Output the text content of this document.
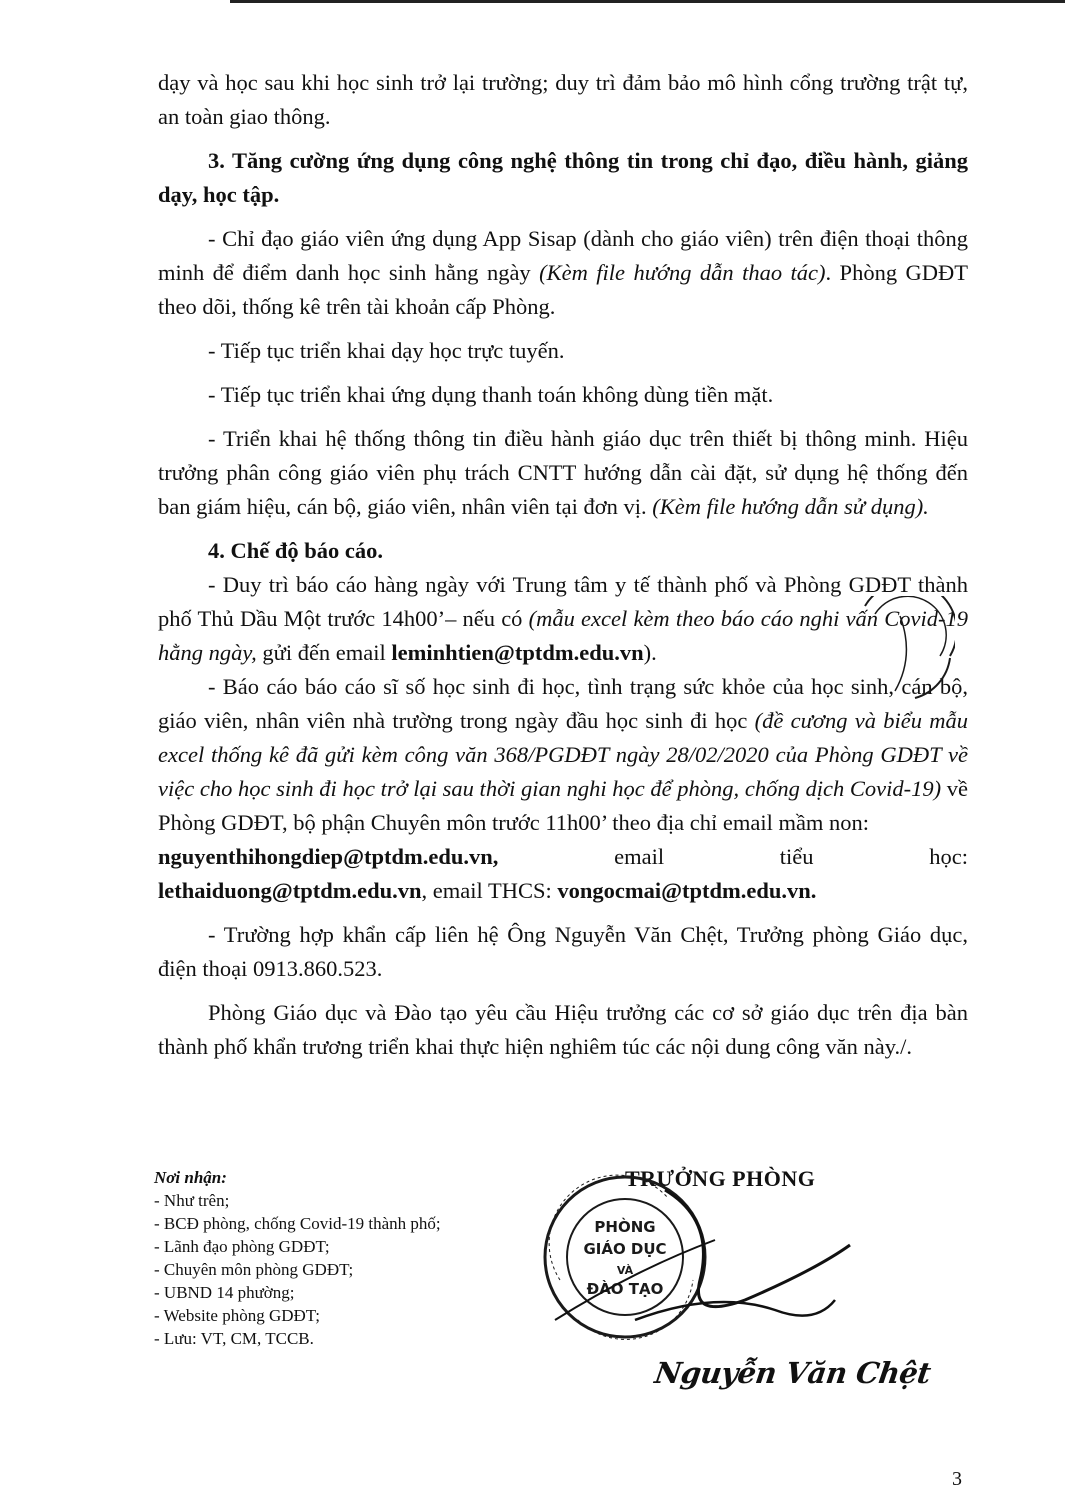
dạy và học sau khi học sinh trở lại trường; duy trì đảm bảo mô hình cổng trường trật tự, an toàn giao thông.

3. Tăng cường ứng dụng công nghệ thông tin trong chỉ đạo, điều hành, giảng dạy, học tập.

- Chỉ đạo giáo viên ứng dụng App Sisap (dành cho giáo viên) trên điện thoại thông minh để điểm danh học sinh hằng ngày (Kèm file hướng dẫn thao tác). Phòng GDĐT theo dõi, thống kê trên tài khoản cấp Phòng.

- Tiếp tục triển khai dạy học trực tuyến.

- Tiếp tục triển khai ứng dụng thanh toán không dùng tiền mặt.

- Triển khai hệ thống thông tin điều hành giáo dục trên thiết bị thông minh. Hiệu trưởng phân công giáo viên phụ trách CNTT hướng dẫn cài đặt, sử dụng hệ thống đến ban giám hiệu, cán bộ, giáo viên, nhân viên tại đơn vị. (Kèm file hướng dẫn sử dụng).

4. Chế độ báo cáo.

- Duy trì báo cáo hàng ngày với Trung tâm y tế thành phố và Phòng GDĐT thành phố Thủ Dầu Một trước 14h00’– nếu có (mẫu excel kèm theo báo cáo nghi vấn Covid-19 hằng ngày, gửi đến email leminhtien@tptdm.edu.vn).

- Báo cáo báo cáo sĩ số học sinh đi học, tình trạng sức khỏe của học sinh, cán bộ, giáo viên, nhân viên nhà trường trong ngày đầu học sinh đi học (đề cương và biểu mẫu excel thống kê đã gửi kèm công văn 368/PGDĐT ngày 28/02/2020 của Phòng GDĐT về việc cho học sinh đi học trở lại sau thời gian nghi học để phòng, chống dịch Covid-19) về Phòng GDĐT, bộ phận Chuyên môn trước 11h00’ theo địa chỉ email mầm non:

nguyenthihongdiep@tptdm.edu.vn,	email	tiểu	học:

lethaiduong@tptdm.edu.vn, email THCS: vongocmai@tptdm.edu.vn.

- Trường hợp khẩn cấp liên hệ Ông Nguyễn Văn Chệt, Trưởng phòng Giáo dục, điện thoại 0913.860.523.

Phòng Giáo dục và Đào tạo yêu cầu Hiệu trưởng các cơ sở giáo dục trên địa bàn thành phố khẩn trương triển khai thực hiện nghiêm túc các nội dung công văn này./.

Nơi nhận:
- Như trên;
- BCĐ phòng, chống Covid-19 thành phố;
- Lãnh đạo phòng GDĐT;
- Chuyên môn phòng GDĐT;
- UBND 14 phường;
- Website phòng GDĐT;
- Lưu: VT, CM, TCCB.
TRƯỞNG PHÒNG
PHÒNG
GIÁO DỤC
VÀ
ĐÀO TẠO
Nguyễn Văn Chệt
3
